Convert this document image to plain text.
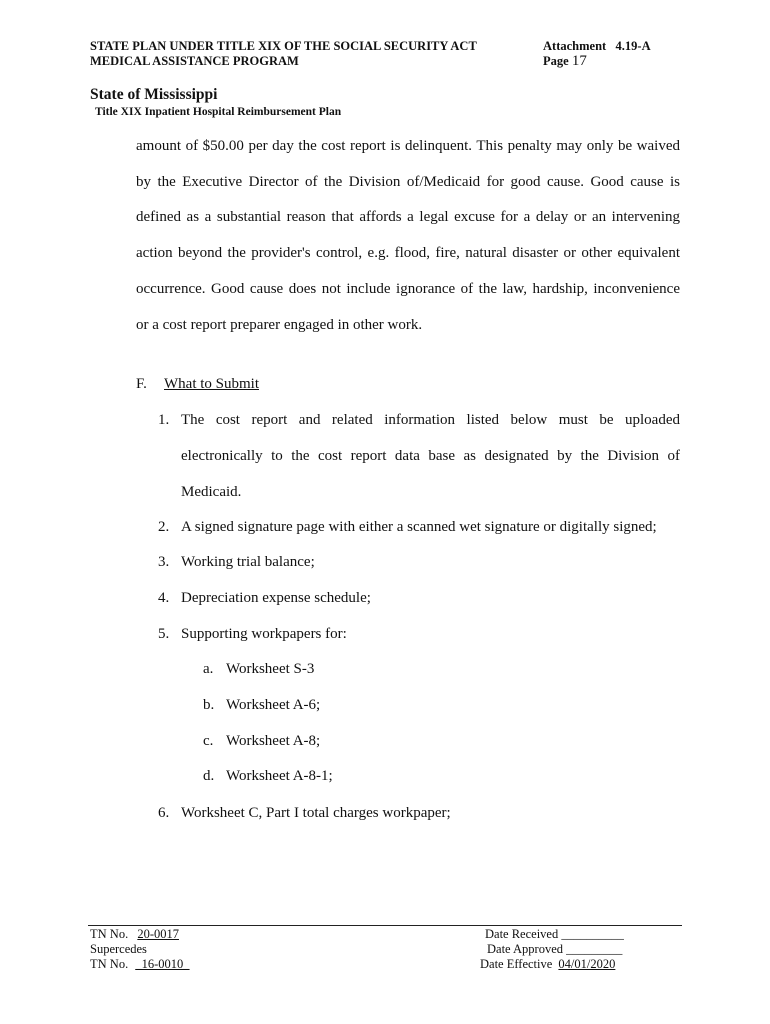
STATE PLAN UNDER TITLE XIX OF THE SOCIAL SECURITY ACT
MEDICAL ASSISTANCE PROGRAM
Attachment   4.19-A
Page 17
State of Mississippi
Title XIX Inpatient Hospital Reimbursement Plan
amount of $50.00 per day the cost report is delinquent. This penalty may only be waived
by the Executive Director of the Division of/Medicaid for good cause. Good cause is
defined as a substantial reason that affords a legal excuse for a delay or an intervening
action beyond the provider's control, e.g. flood, fire, natural disaster or other equivalent
occurrence. Good cause does not include ignorance of the law, hardship, inconvenience
or a cost report preparer engaged in other work.
F. What to Submit
1. The cost report and related information listed below must be uploaded
electronically to the cost report data base as designated by the Division of
Medicaid.
2. A signed signature page with either a scanned wet signature or digitally signed;
3. Working trial balance;
4. Depreciation expense schedule;
5. Supporting workpapers for:
a. Worksheet S-3
b. Worksheet A-6;
c. Worksheet A-8;
d. Worksheet A-8-1;
6. Worksheet C, Part I total charges workpaper;
TN No. 20-0017
Supercedes
TN No. _16-0010_
Date Received __________
Date Approved _________
Date Effective 04/01/2020
